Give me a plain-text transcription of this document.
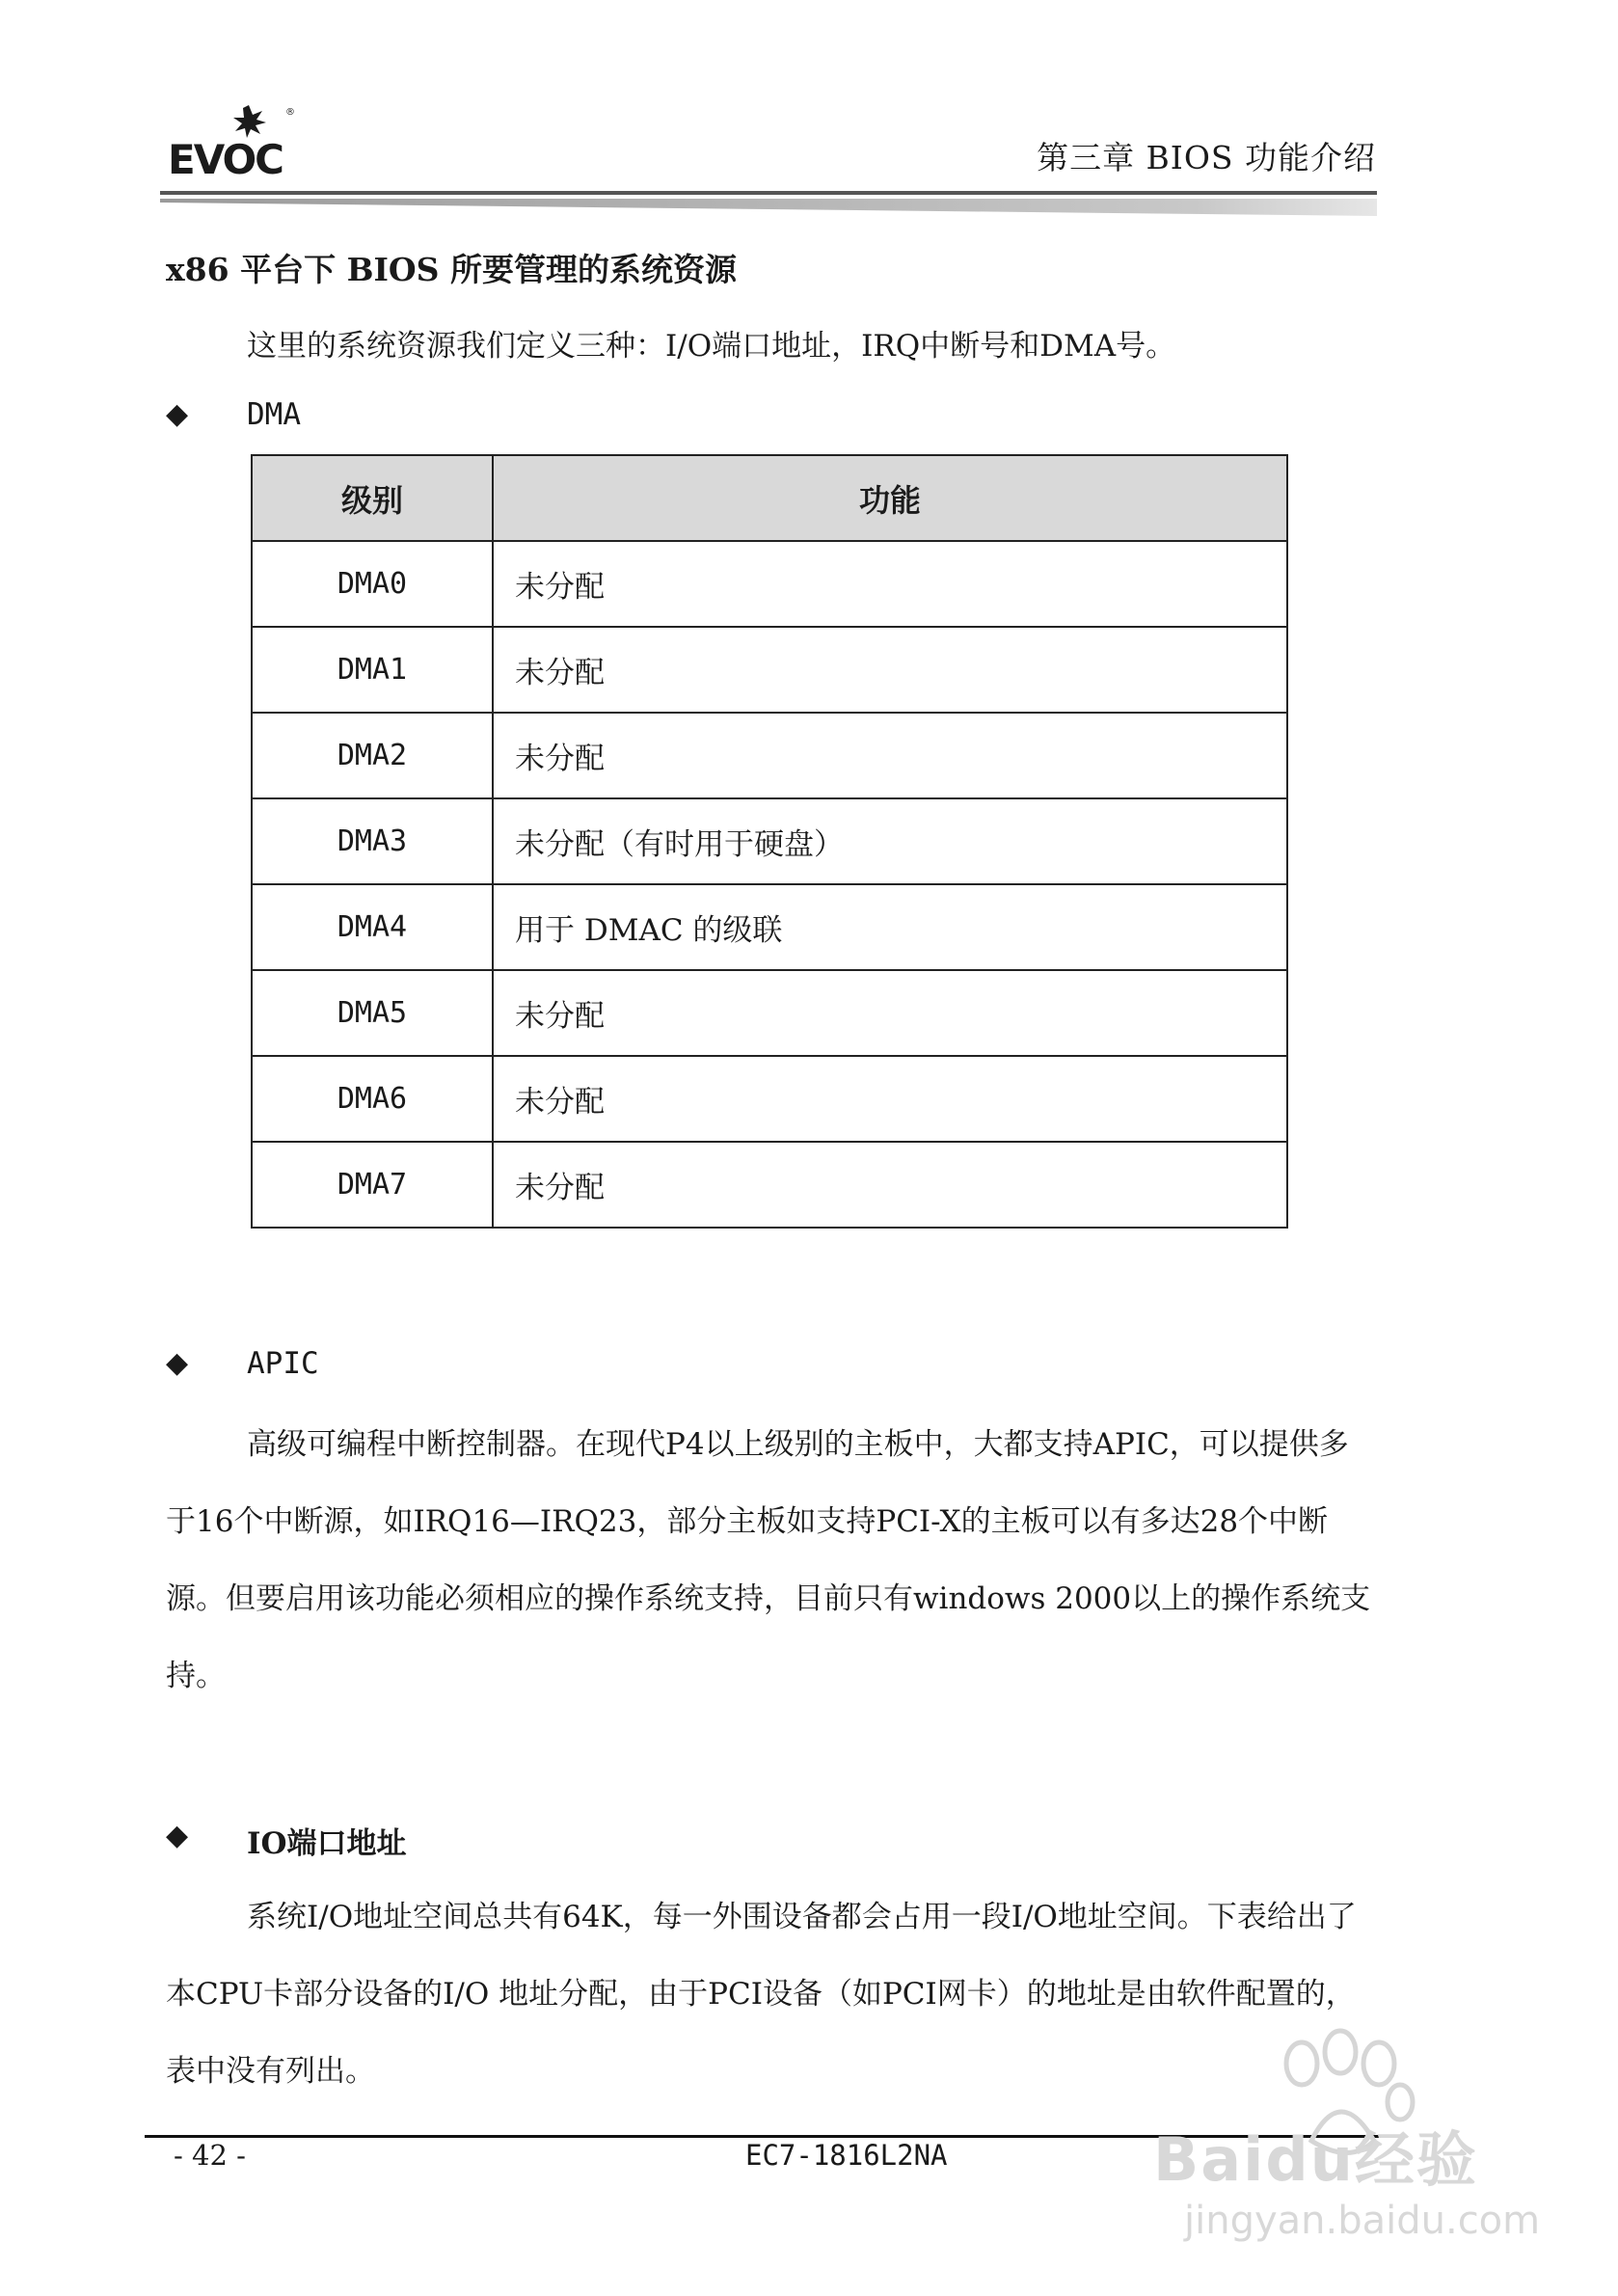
EVOC
®
第三章 BIOS 功能介绍
x86 平台下 BIOS 所要管理的系统资源
这里的系统资源我们定义三种：I/O端口地址，IRQ中断号和DMA号。
◆ DMA
级别	功能
DMA0	未分配
DMA1	未分配
DMA2	未分配
DMA3	未分配（有时用于硬盘）
DMA4	用于 DMAC 的级联
DMA5	未分配
DMA6	未分配
DMA7	未分配
◆ APIC
高级可编程中断控制器。在现代P4以上级别的主板中，大都支持APIC，可以提供多于16个中断源，如IRQ16—IRQ23，部分主板如支持PCI-X的主板可以有多达28个中断源。但要启用该功能必须相应的操作系统支持，目前只有windows 2000以上的操作系统支持。
◆ IO端口地址
系统I/O地址空间总共有64K，每一外围设备都会占用一段I/O地址空间。下表给出了本CPU卡部分设备的I/O 地址分配，由于PCI设备（如PCI网卡）的地址是由软件配置的，表中没有列出。
- 42 -	EC7-1816L2NA	Baidu经验
jingyan.baidu.com
